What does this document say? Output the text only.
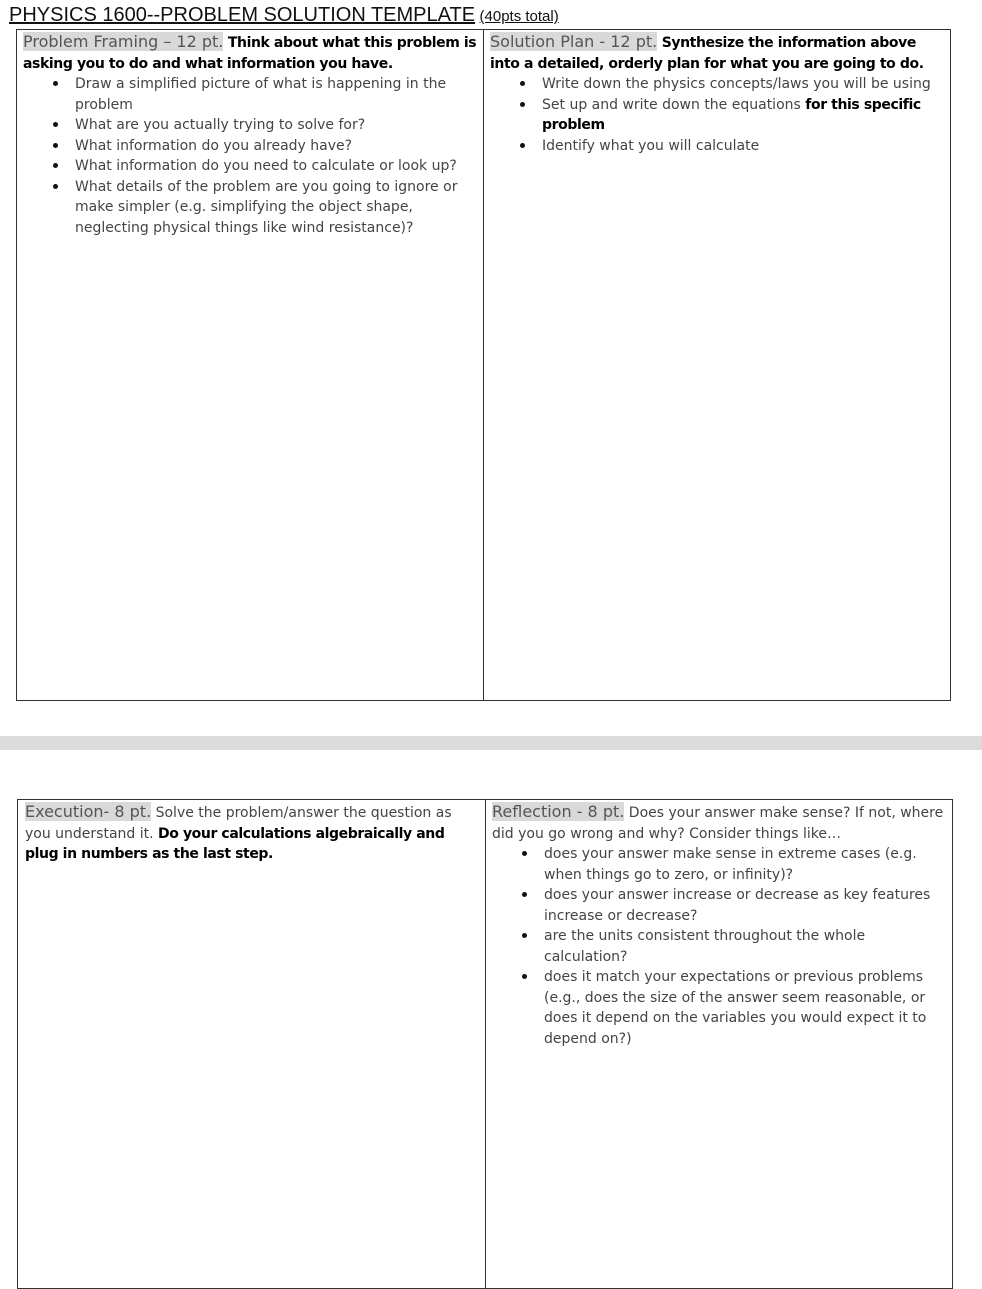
PHYSICS 1600--PROBLEM SOLUTION TEMPLATE (40pts total)

Problem Framing – 12 pt. Think about what this problem is asking you to do and what information you have.

Draw a simplified picture of what is happening in the problem
What are you actually trying to solve for?
What information do you already have?
What information do you need to calculate or look up?
What details of the problem are you going to ignore or make simpler (e.g. simplifying the object shape, neglecting physical things like wind resistance)?

Solution Plan - 12 pt. Synthesize the information above into a detailed, orderly plan for what you are going to do.

Write down the physics concepts/laws you will be using
Set up and write down the equations for this specific problem
Identify what you will calculate

Execution- 8 pt. Solve the problem/answer the question as you understand it. Do your calculations algebraically and plug in numbers as the last step.

Reflection - 8 pt. Does your answer make sense? If not, where did you go wrong and why? Consider things like…

does your answer make sense in extreme cases (e.g. when things go to zero, or infinity)?
does your answer increase or decrease as key features increase or decrease?
are the units consistent throughout the whole calculation?
does it match your expectations or previous problems (e.g., does the size of the answer seem reasonable, or does it depend on the variables you would expect it to depend on?)
